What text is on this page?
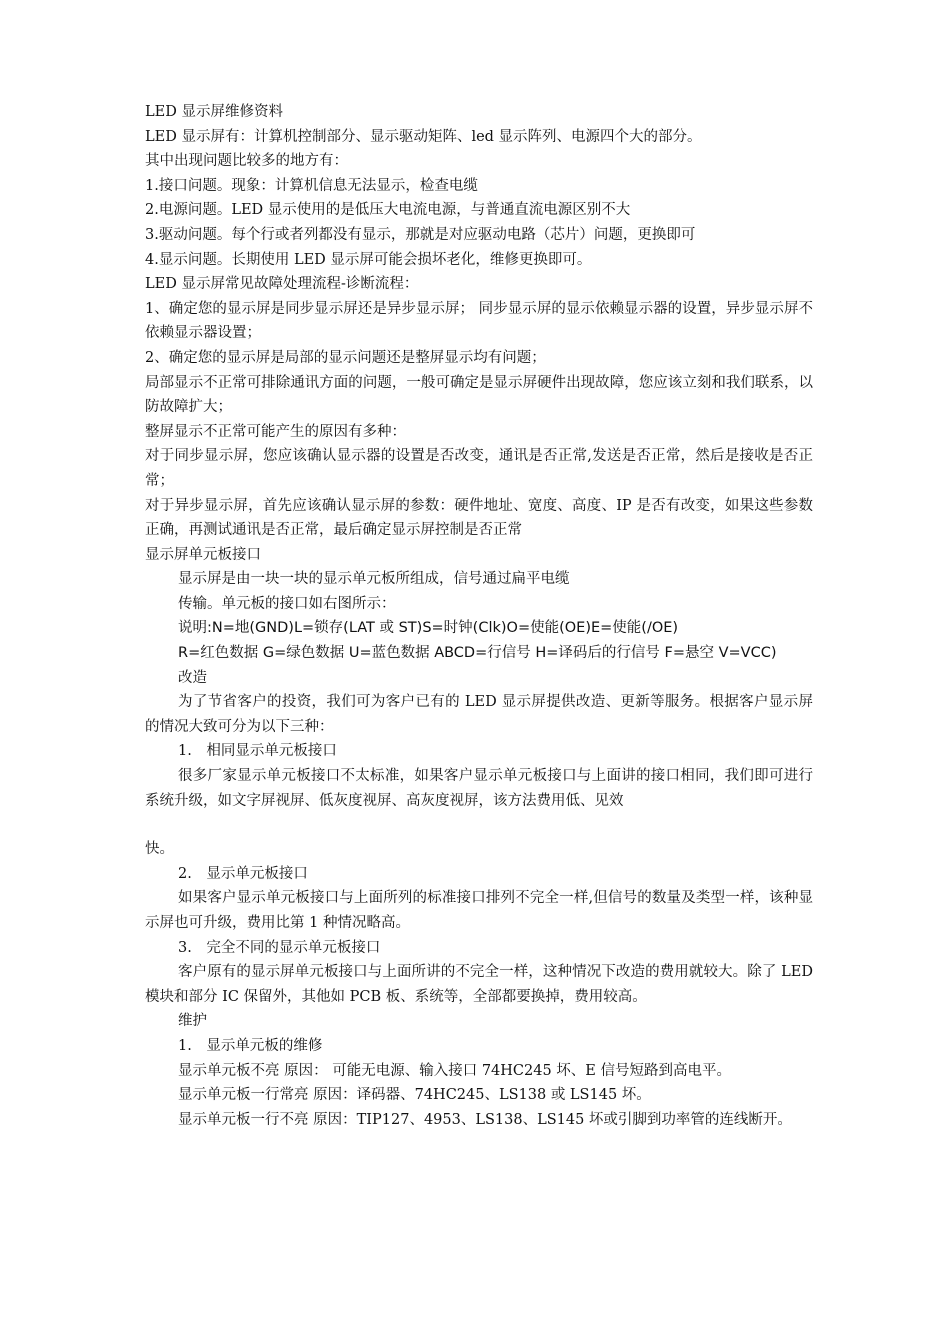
LED 显示屏维修资料
LED 显示屏有：计算机控制部分、显示驱动矩阵、led 显示阵列、电源四个大的部分。
其中出现问题比较多的地方有：
1.接口问题。现象：计算机信息无法显示，检查电缆
2.电源问题。LED 显示使用的是低压大电流电源，与普通直流电源区别不大
3.驱动问题。每个行或者列都没有显示，那就是对应驱动电路（芯片）问题，更换即可
4.显示问题。长期使用 LED 显示屏可能会损坏老化，维修更换即可。
LED 显示屏常见故障处理流程-诊断流程：
1、确定您的显示屏是同步显示屏还是异步显示屏； 同步显示屏的显示依赖显示器的设置，异步显示屏不依赖显示器设置；
2、确定您的显示屏是局部的显示问题还是整屏显示均有问题；
局部显示不正常可排除通讯方面的问题，一般可确定是显示屏硬件出现故障，您应该立刻和我们联系，以防故障扩大；
整屏显示不正常可能产生的原因有多种：
对于同步显示屏，您应该确认显示器的设置是否改变，通讯是否正常,发送是否正常，然后是接收是否正常；
对于异步显示屏，首先应该确认显示屏的参数：硬件地址、宽度、高度、IP 是否有改变，如果这些参数正确，再测试通讯是否正常，最后确定显示屏控制是否正常
显示屏单元板接口
显示屏是由一块一块的显示单元板所组成，信号通过扁平电缆
传输。单元板的接口如右图所示：
说明:N=地(GND)L=锁存(LAT 或 ST)S=时钟(Clk)O=使能(OE)E=使能(/OE)
R=红色数据 G=绿色数据 U=蓝色数据 ABCD=行信号 H=译码后的行信号 F=悬空 V=VCC)
改造
为了节省客户的投资，我们可为客户已有的 LED 显示屏提供改造、更新等服务。根据客户显示屏的情况大致可分为以下三种：
1.　相同显示单元板接口
很多厂家显示单元板接口不太标准，如果客户显示单元板接口与上面讲的接口相同，我们即可进行系统升级，如文字屏视屏、低灰度视屏、高灰度视屏，该方法费用低、见效
快。
2.　显示单元板接口
如果客户显示单元板接口与上面所列的标准接口排列不完全一样,但信号的数量及类型一样，该种显示屏也可升级，费用比第 1 种情况略高。
3.　完全不同的显示单元板接口
客户原有的显示屏单元板接口与上面所讲的不完全一样，这种情况下改造的费用就较大。除了 LED 模块和部分 IC 保留外，其他如 PCB 板、系统等，全部都要换掉，费用较高。
维护
1.　显示单元板的维修
显示单元板不亮 原因： 可能无电源、输入接口 74HC245 坏、E 信号短路到高电平。
显示单元板一行常亮 原因：译码器、74HC245、LS138 或 LS145 坏。
显示单元板一行不亮 原因：TIP127、4953、LS138、LS145 坏或引脚到功率管的连线断开。
